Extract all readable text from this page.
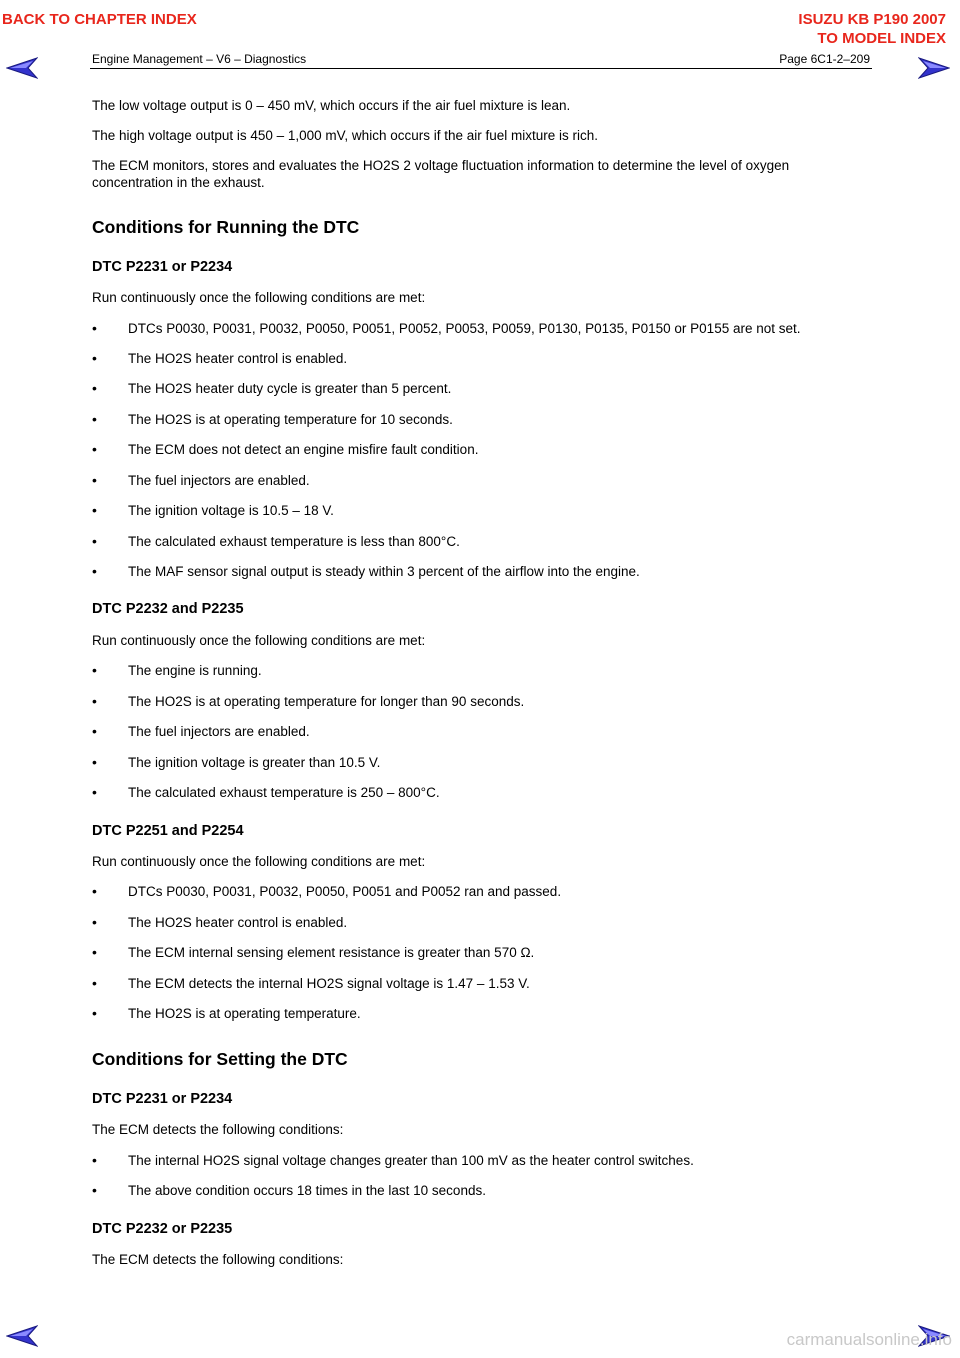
BACK TO CHAPTER INDEX	ISUZU KB P190 2007
TO MODEL INDEX
Engine Management – V6 – Diagnostics	Page 6C1-2–209

The low voltage output is 0 – 450 mV, which occurs if the air fuel mixture is lean.

The high voltage output is 450 – 1,000 mV, which occurs if the air fuel mixture is rich.

The ECM monitors, stores and evaluates the HO2S 2 voltage fluctuation information to determine the level of oxygen concentration in the exhaust.

Conditions for Running the DTC
DTC P2231 or P2234

Run continuously once the following conditions are met:

•	DTCs P0030, P0031, P0032, P0050, P0051, P0052, P0053, P0059, P0130, P0135, P0150 or P0155 are not set.
•	The HO2S heater control is enabled.
•	The HO2S heater duty cycle is greater than 5 percent.
•	The HO2S is at operating temperature for 10 seconds.
•	The ECM does not detect an engine misfire fault condition.
•	The fuel injectors are enabled.
•	The ignition voltage is 10.5 – 18 V.
•	The calculated exhaust temperature is less than 800°C.
•	The MAF sensor signal output is steady within 3 percent of the airflow into the engine.
DTC P2232 and P2235

Run continuously once the following conditions are met:

•	The engine is running.
•	The HO2S is at operating temperature for longer than 90 seconds.
•	The fuel injectors are enabled.
•	The ignition voltage is greater than 10.5 V.
•	The calculated exhaust temperature is 250 – 800°C.
DTC P2251 and P2254

Run continuously once the following conditions are met:

•	DTCs P0030, P0031, P0032, P0050, P0051 and P0052 ran and passed.
•	The HO2S heater control is enabled.
•	The ECM internal sensing element resistance is greater than 570 Ω.
•	The ECM detects the internal HO2S signal voltage is 1.47 – 1.53 V.
•	The HO2S is at operating temperature.
Conditions for Setting the DTC
DTC P2231 or P2234

The ECM detects the following conditions:

•	The internal HO2S signal voltage changes greater than 100 mV as the heater control switches.
•	The above condition occurs 18 times in the last 10 seconds.
DTC P2232 or P2235

The ECM detects the following conditions:

carmanualsonline.info
